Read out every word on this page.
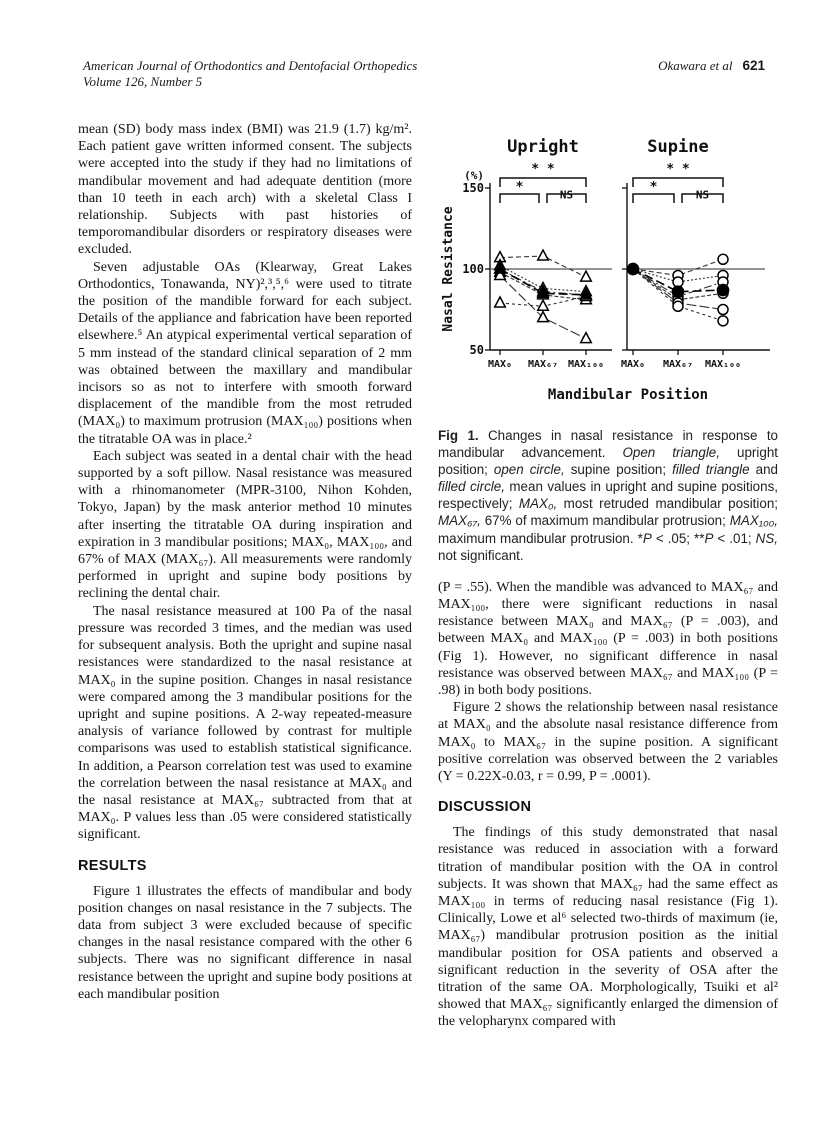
American Journal of Orthodontics and Dentofacial Orthopedics
Volume 126, Number 5
Okawara et al 621

mean (SD) body mass index (BMI) was 21.9 (1.7) kg/m². Each patient gave written informed consent. The subjects were accepted into the study if they had no limitations of mandibular movement and had adequate dentition (more than 10 teeth in each arch) with a skeletal Class I relationship. Subjects with past histories of temporomandibular disorders or respiratory diseases were excluded.

Seven adjustable OAs (Klearway, Great Lakes Orthodontics, Tonawanda, NY)²,³,⁵,⁶ were used to titrate the position of the mandible forward for each subject. Details of the appliance and fabrication have been reported elsewhere.⁵ An atypical experimental vertical separation of 5 mm instead of the standard clinical separation of 2 mm was obtained between the maxillary and mandibular incisors so as not to interfere with smooth forward displacement of the mandible from the most retruded (MAX₀) to maximum protrusion (MAX₁₀₀) positions when the titratable OA was in place.²

Each subject was seated in a dental chair with the head supported by a soft pillow. Nasal resistance was measured with a rhinomanometer (MPR-3100, Nihon Kohden, Tokyo, Japan) by the mask anterior method 10 minutes after inserting the titratable OA during inspiration and expiration in 3 mandibular positions; MAX₀, MAX₁₀₀, and 67% of MAX (MAX₆₇). All measurements were randomly performed in upright and supine body positions by reclining the dental chair.

The nasal resistance measured at 100 Pa of the nasal pressure was recorded 3 times, and the median was used for subsequent analysis. Both the upright and supine nasal resistances were standardized to the nasal resistance at MAX₀ in the supine position. Changes in nasal resistance were compared among the 3 mandibular positions for the upright and supine positions. A 2-way repeated-measure analysis of variance followed by contrast for multiple comparisons was used to establish statistical significance. In addition, a Pearson correlation test was used to examine the correlation between the nasal resistance at MAX₀ and the nasal resistance at MAX₆₇ subtracted from that at MAX₀. P values less than .05 were considered statistically significant.

RESULTS

Figure 1 illustrates the effects of mandibular and body position changes on nasal resistance in the 7 subjects. The data from subject 3 were excluded because of specific changes in the nasal resistance compared with the other 6 subjects. There was no significant difference in nasal resistance between the upright and supine body positions at each mandibular position

Upright
MAX₀ MAX₆₇ MAX₁₀₀
* *
*	NS
Supine
MAX₀ MAX₆₇ MAX₁₀₀
* *
*	NS
(%)
150
100
50
Nasal Resistance
Mandibular Position

Fig 1. Changes in nasal resistance in response to mandibular advancement. Open triangle, upright position; open circle, supine position; filled triangle and filled circle, mean values in upright and supine positions, respectively; MAX₀, most retruded mandibular position; MAX₆₇, 67% of maximum mandibular protrusion; MAX₁₀₀, maximum mandibular protrusion. *P < .05; **P < .01; NS, not significant.

(P = .55). When the mandible was advanced to MAX₆₇ and MAX₁₀₀, there were significant reductions in nasal resistance between MAX₀ and MAX₆₇ (P = .003), and between MAX₀ and MAX₁₀₀ (P = .003) in both positions (Fig 1). However, no significant difference in nasal resistance was observed between MAX₆₇ and MAX₁₀₀ (P = .98) in both body positions.

Figure 2 shows the relationship between nasal resistance at MAX₀ and the absolute nasal resistance difference from MAX₀ to MAX₆₇ in the supine position. A significant positive correlation was observed between the 2 variables (Y = 0.22X-0.03, r = 0.99, P = .0001).

DISCUSSION

The findings of this study demonstrated that nasal resistance was reduced in association with a forward titration of mandibular position with the OA in control subjects. It was shown that MAX₆₇ had the same effect as MAX₁₀₀ in terms of reducing nasal resistance (Fig 1). Clinically, Lowe et al⁶ selected two-thirds of maximum (ie, MAX₆₇) mandibular protrusion position as the initial mandibular position for OSA patients and observed a significant reduction in the severity of OSA after the titration of the same OA. Morphologically, Tsuiki et al² showed that MAX₆₇ significantly enlarged the dimension of the velopharynx compared with
